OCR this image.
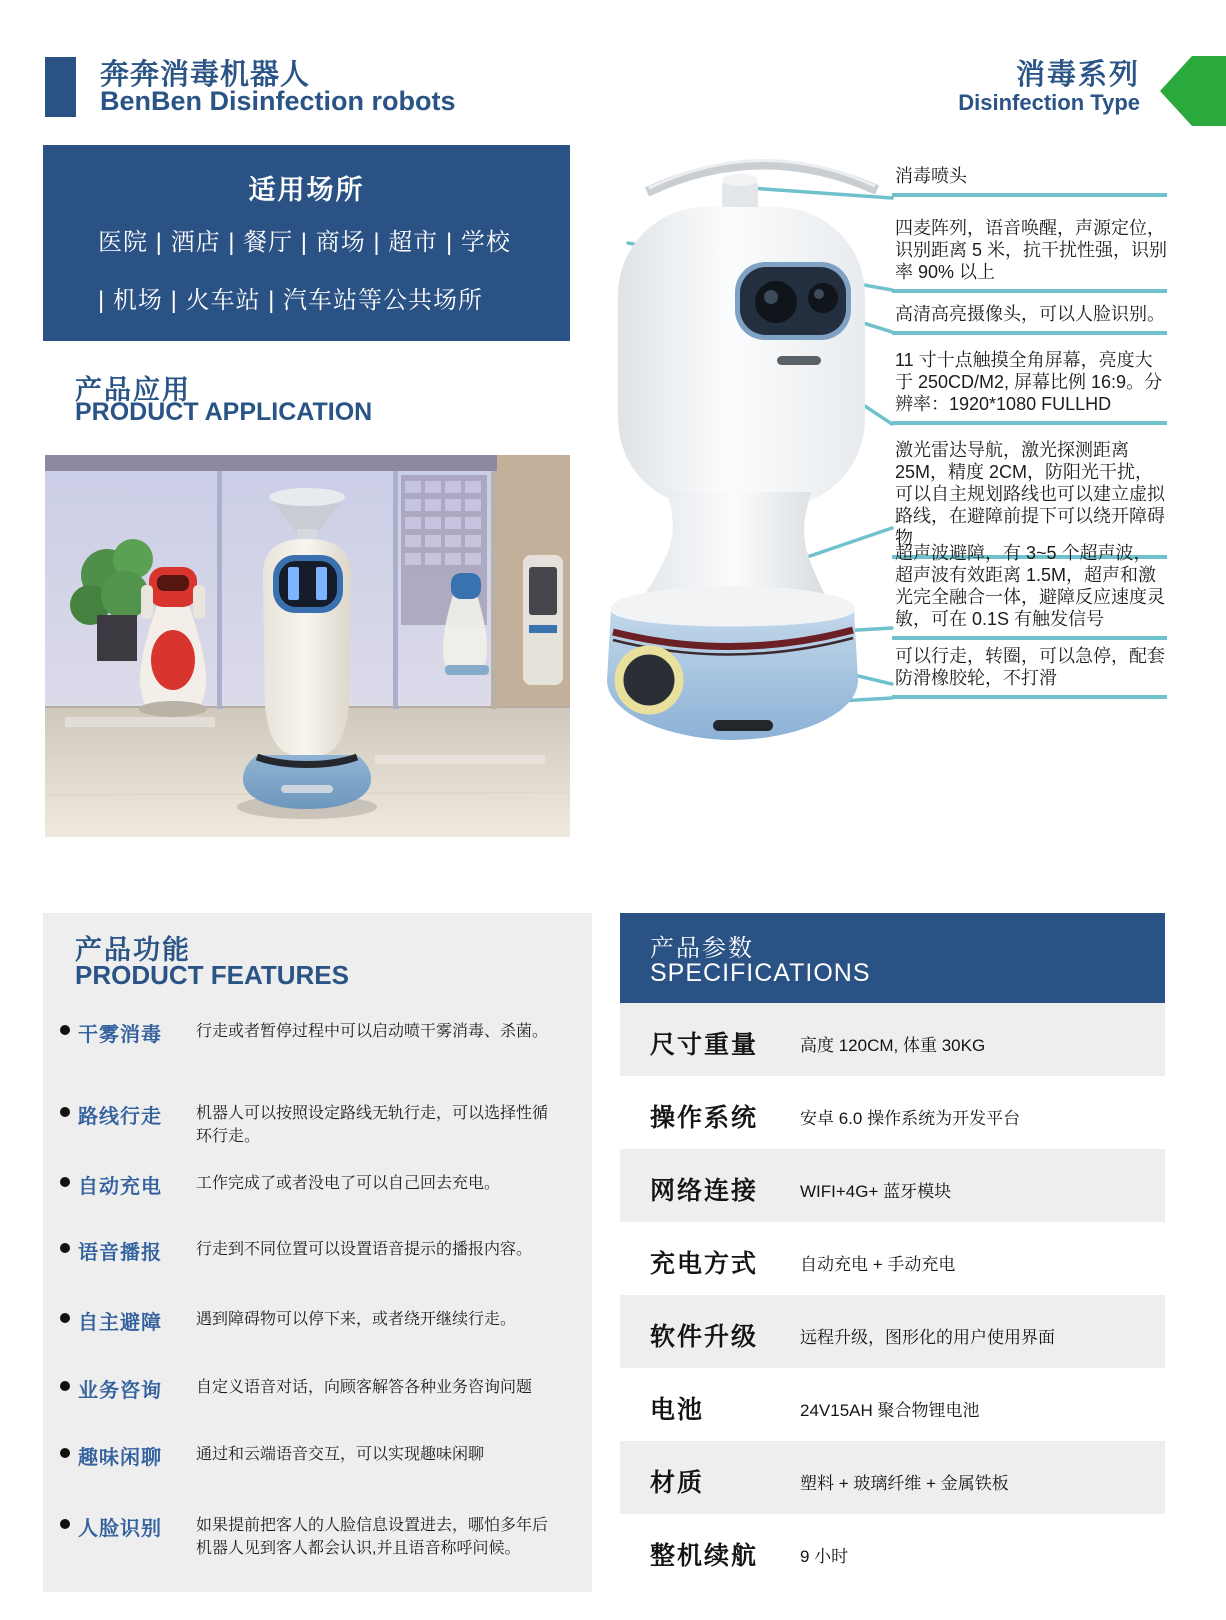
奔奔消毒机器人
BenBen Disinfection robots
消毒系列
Disinfection Type
适用场所
医院 | 酒店 | 餐厅 | 商场 | 超市 | 学校
| 机场 | 火车站 | 汽车站等公共场所
产品应用
PRODUCT APPLICATION
消毒喷头
四麦阵列，语音唤醒，声源定位，识别距离 5 米，抗干扰性强，识别率 90% 以上
高清高亮摄像头，可以人脸识别。
11 寸十点触摸全角屏幕，亮度大于 250CD/M2, 屏幕比例 16:9。分辨率：1920*1080 FULLHD
激光雷达导航，激光探测距离 25M，精度 2CM，防阳光干扰，可以自主规划路线也可以建立虚拟路线，在避障前提下可以绕开障碍物
超声波避障，有 3~5 个超声波，超声波有效距离 1.5M，超声和激光完全融合一体，避障反应速度灵敏，可在 0.1S 有触发信号
可以行走，转圈，可以急停，配套防滑橡胶轮，不打滑
产品功能
PRODUCT FEATURES
干雾消毒	行走或者暂停过程中可以启动喷干雾消毒、杀菌。
路线行走	机器人可以按照设定路线无轨行走，可以选择性循环行走。
自动充电	工作完成了或者没电了可以自己回去充电。
语音播报	行走到不同位置可以设置语音提示的播报内容。
自主避障	遇到障碍物可以停下来，或者绕开继续行走。
业务咨询	自定义语音对话，向顾客解答各种业务咨询问题
趣味闲聊	通过和云端语音交互，可以实现趣味闲聊
人脸识别	如果提前把客人的人脸信息设置进去，哪怕多年后机器人见到客人都会认识,并且语音称呼问候。
产品参数
SPECIFICATIONS
尺寸重量 高度 120CM, 体重 30KG
操作系统 安卓 6.0 操作系统为开发平台
网络连接 WIFI+4G+ 蓝牙模块
充电方式 自动充电 + 手动充电
软件升级 远程升级，图形化的用户使用界面
电池	24V15AH 聚合物锂电池
材质	塑料 + 玻璃纤维 + 金属铁板
整机续航 9 小时
